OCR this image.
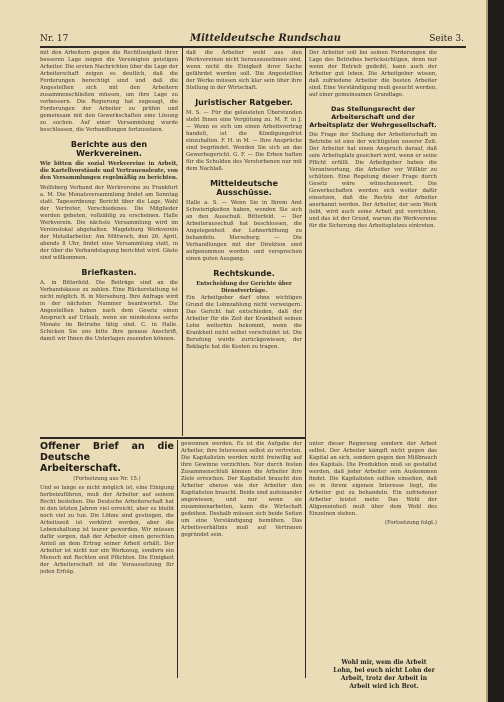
Nr. 17	Mitteldeutsche Rundschau	Seite 3.

mit den Arbeitern gegen die Rechtlosigkeit ihrer besseren Lage zeigen die Vereinigten geistigen Arbeiter. Die ersten Nachrichten über die Lage der Arbeiterschaft zeigen es deutlich, daß die Forderungen berechtigt sind und daß die Angestellten sich mit den Arbeitern zusammenschließen müssen, um ihre Lage zu verbessern. Die Regierung hat zugesagt, die Forderungen der Arbeiter zu prüfen und gemeinsam mit den Gewerkschaften eine Lösung zu suchen. Auf einer Versammlung wurde beschlossen, die Verhandlungen fortzusetzen.

Berichte aus den Werkvereinen.

Wir bitten die sozial Werkvereine in Arbeit, die Kartellvorstände und Vertrauensleute, von den Versammlungen regelmäßig zu berichten.

Wolfsberg Verband der Werkvereine zu Frankfurt a. M. Die Monatsversammlung findet am Sonntag statt. Tagesordnung: Bericht über die Lage, Wahl der Vertreter, Verschiedenes. Die Mitglieder werden gebeten, vollzählig zu erscheinen. Halle Werkverein. Die nächste Versammlung wird im Vereinslokal abgehalten. Magdeburg Werkverein der Metallarbeiter. Am Mittwoch, den 26. April, abends 8 Uhr, findet eine Versammlung statt, in der über die Verbandstagung berichtet wird. Gäste sind willkommen.

Briefkasten.

A. in Bitterfeld. Die Beiträge sind an die Verbandskasse zu zahlen. Eine Rückerstattung ist nicht möglich. B. in Merseburg. Ihre Anfrage wird in der nächsten Nummer beantwortet. Die Angestellten haben nach dem Gesetz einen Anspruch auf Urlaub, wenn sie mindestens sechs Monate im Betriebe tätig sind. C. in Halle. Schicken Sie uns bitte Ihre genaue Anschrift, damit wir Ihnen die Unterlagen zusenden können.

daß die Arbeiter wohl aus den Werkvereinen nicht herauszunehmen sind, wenn nicht die Einigkeit ihrer Sache gefährdet werden soll. Die Angestellten der Werke müssen sich klar sein über ihre Stellung in der Wirtschaft.

Juristischer Ratgeber.

M. S. — Für die geleisteten Überstunden steht Ihnen eine Vergütung zu. M. F. in J. — Wenn es sich um einen Arbeitsvertrag handelt, ist die Kündigungsfrist einzuhalten. F. H. in M. — Ihre Ansprüche sind begründet. Wenden Sie sich an das Gewerbegericht. G. F. — Die Erben haften für die Schulden des Verstorbenen nur mit dem Nachlaß.

Mitteldeutsche Ausschüsse.

Halle a. S. — Wenn Sie in Ihrem Amt Schwierigkeiten haben, wenden Sie sich an den Ausschuß. Bitterfeld. — Der Arbeiterausschuß hat beschlossen, die Angelegenheit der Lohnerhöhung zu behandeln. Merseburg. — Die Verhandlungen mit der Direktion sind aufgenommen worden und versprechen einen guten Ausgang.

Rechtskunde.

Entscheidung der Gerichte über Dienstverträge.

Ein Arbeitgeber darf ohne wichtigen Grund die Lohnzahlung nicht verweigern. Das Gericht hat entschieden, daß der Arbeiter für die Zeit der Krankheit seinen Lohn weiterhin bekommt, wenn die Krankheit nicht selbst verschuldet ist. Die Berufung wurde zurückgewiesen, der Beklagte hat die Kosten zu tragen.

Der Arbeiter soll bei seinen Forderungen die Lage des Betriebes berücksichtigen, denn nur wenn der Betrieb gedeiht, kann auch der Arbeiter gut leben. Die Arbeitgeber wissen, daß zufriedene Arbeiter die besten Arbeiter sind. Eine Verständigung muß gesucht werden, auf einer gemeinsamen Grundlage.

Das Stellungsrecht der Arbeiterschaft und der Arbeitsplatz der Wehrgesellschaft.

Die Frage der Stellung der Arbeiterschaft im Betriebe ist eine der wichtigsten unserer Zeit. Der Arbeiter hat einen Anspruch darauf, daß sein Arbeitsplatz gesichert wird, wenn er seine Pflicht erfüllt. Die Arbeitgeber haben die Verantwortung, die Arbeiter vor Willkür zu schützen. Eine Regelung dieser Frage durch Gesetz wäre wünschenswert. Die Gewerkschaften werden sich weiter dafür einsetzen, daß die Rechte der Arbeiter anerkannt werden. Der Arbeiter, der sein Werk liebt, wird auch seine Arbeit gut verrichten, und das ist der Grund, warum die Werkvereine für die Sicherung des Arbeitsplatzes eintreten.

Offener Brief an die Deutsche Arbeiterschaft.

(Fortsetzung aus Nr. 15.)

Und so lange es nicht möglich ist, eine Einigung herbeizuführen, muß der Arbeiter auf seinem Recht bestehen. Die Deutsche Arbeiterschaft hat in den letzten Jahren viel erreicht, aber es bleibt noch viel zu tun. Die Löhne sind gestiegen, die Arbeitszeit ist verkürzt worden, aber die Lebenshaltung ist teurer geworden. Wir müssen dafür sorgen, daß der Arbeiter einen gerechten Anteil an dem Ertrag seiner Arbeit erhält. Der Arbeiter ist nicht nur ein Werkzeug, sondern ein Mensch mit Rechten und Pflichten. Die Einigkeit der Arbeiterschaft ist die Voraussetzung für jeden Erfolg.

gewonnen werden. Es ist die Aufgabe der Arbeiter, ihre Interessen selbst zu vertreten. Die Kapitalisten werden nicht freiwillig auf ihre Gewinne verzichten. Nur durch festen Zusammenschluß können die Arbeiter ihre Ziele erreichen. Der Kapitalist braucht den Arbeiter ebenso wie der Arbeiter den Kapitalisten braucht. Beide sind aufeinander angewiesen, und nur wenn sie zusammenarbeiten, kann die Wirtschaft gedeihen. Deshalb müssen sich beide Seiten um eine Verständigung bemühen. Das Arbeitsverhältnis muß auf Vertrauen gegründet sein.

unter dieser Regierung sondern der Arbeit selbst. Der Arbeiter kämpft nicht gegen das Kapital an sich, sondern gegen den Mißbrauch des Kapitals. Die Produktion muß so gestaltet werden, daß jeder Arbeiter sein Auskommen findet. Die Kapitalisten sollten einsehen, daß es in ihrem eigenen Interesse liegt, die Arbeiter gut zu behandeln. Ein zufriedener Arbeiter leistet mehr. Das Wohl der Allgemeinheit muß über dem Wohl des Einzelnen stehen.

(Fortsetzung folgt.)

Wohl mir, wem die Arbeit Lohn, bei euch nicht Lohn der Arbeit, trotz der Arbeit in Arbeit wird ich Brot.
